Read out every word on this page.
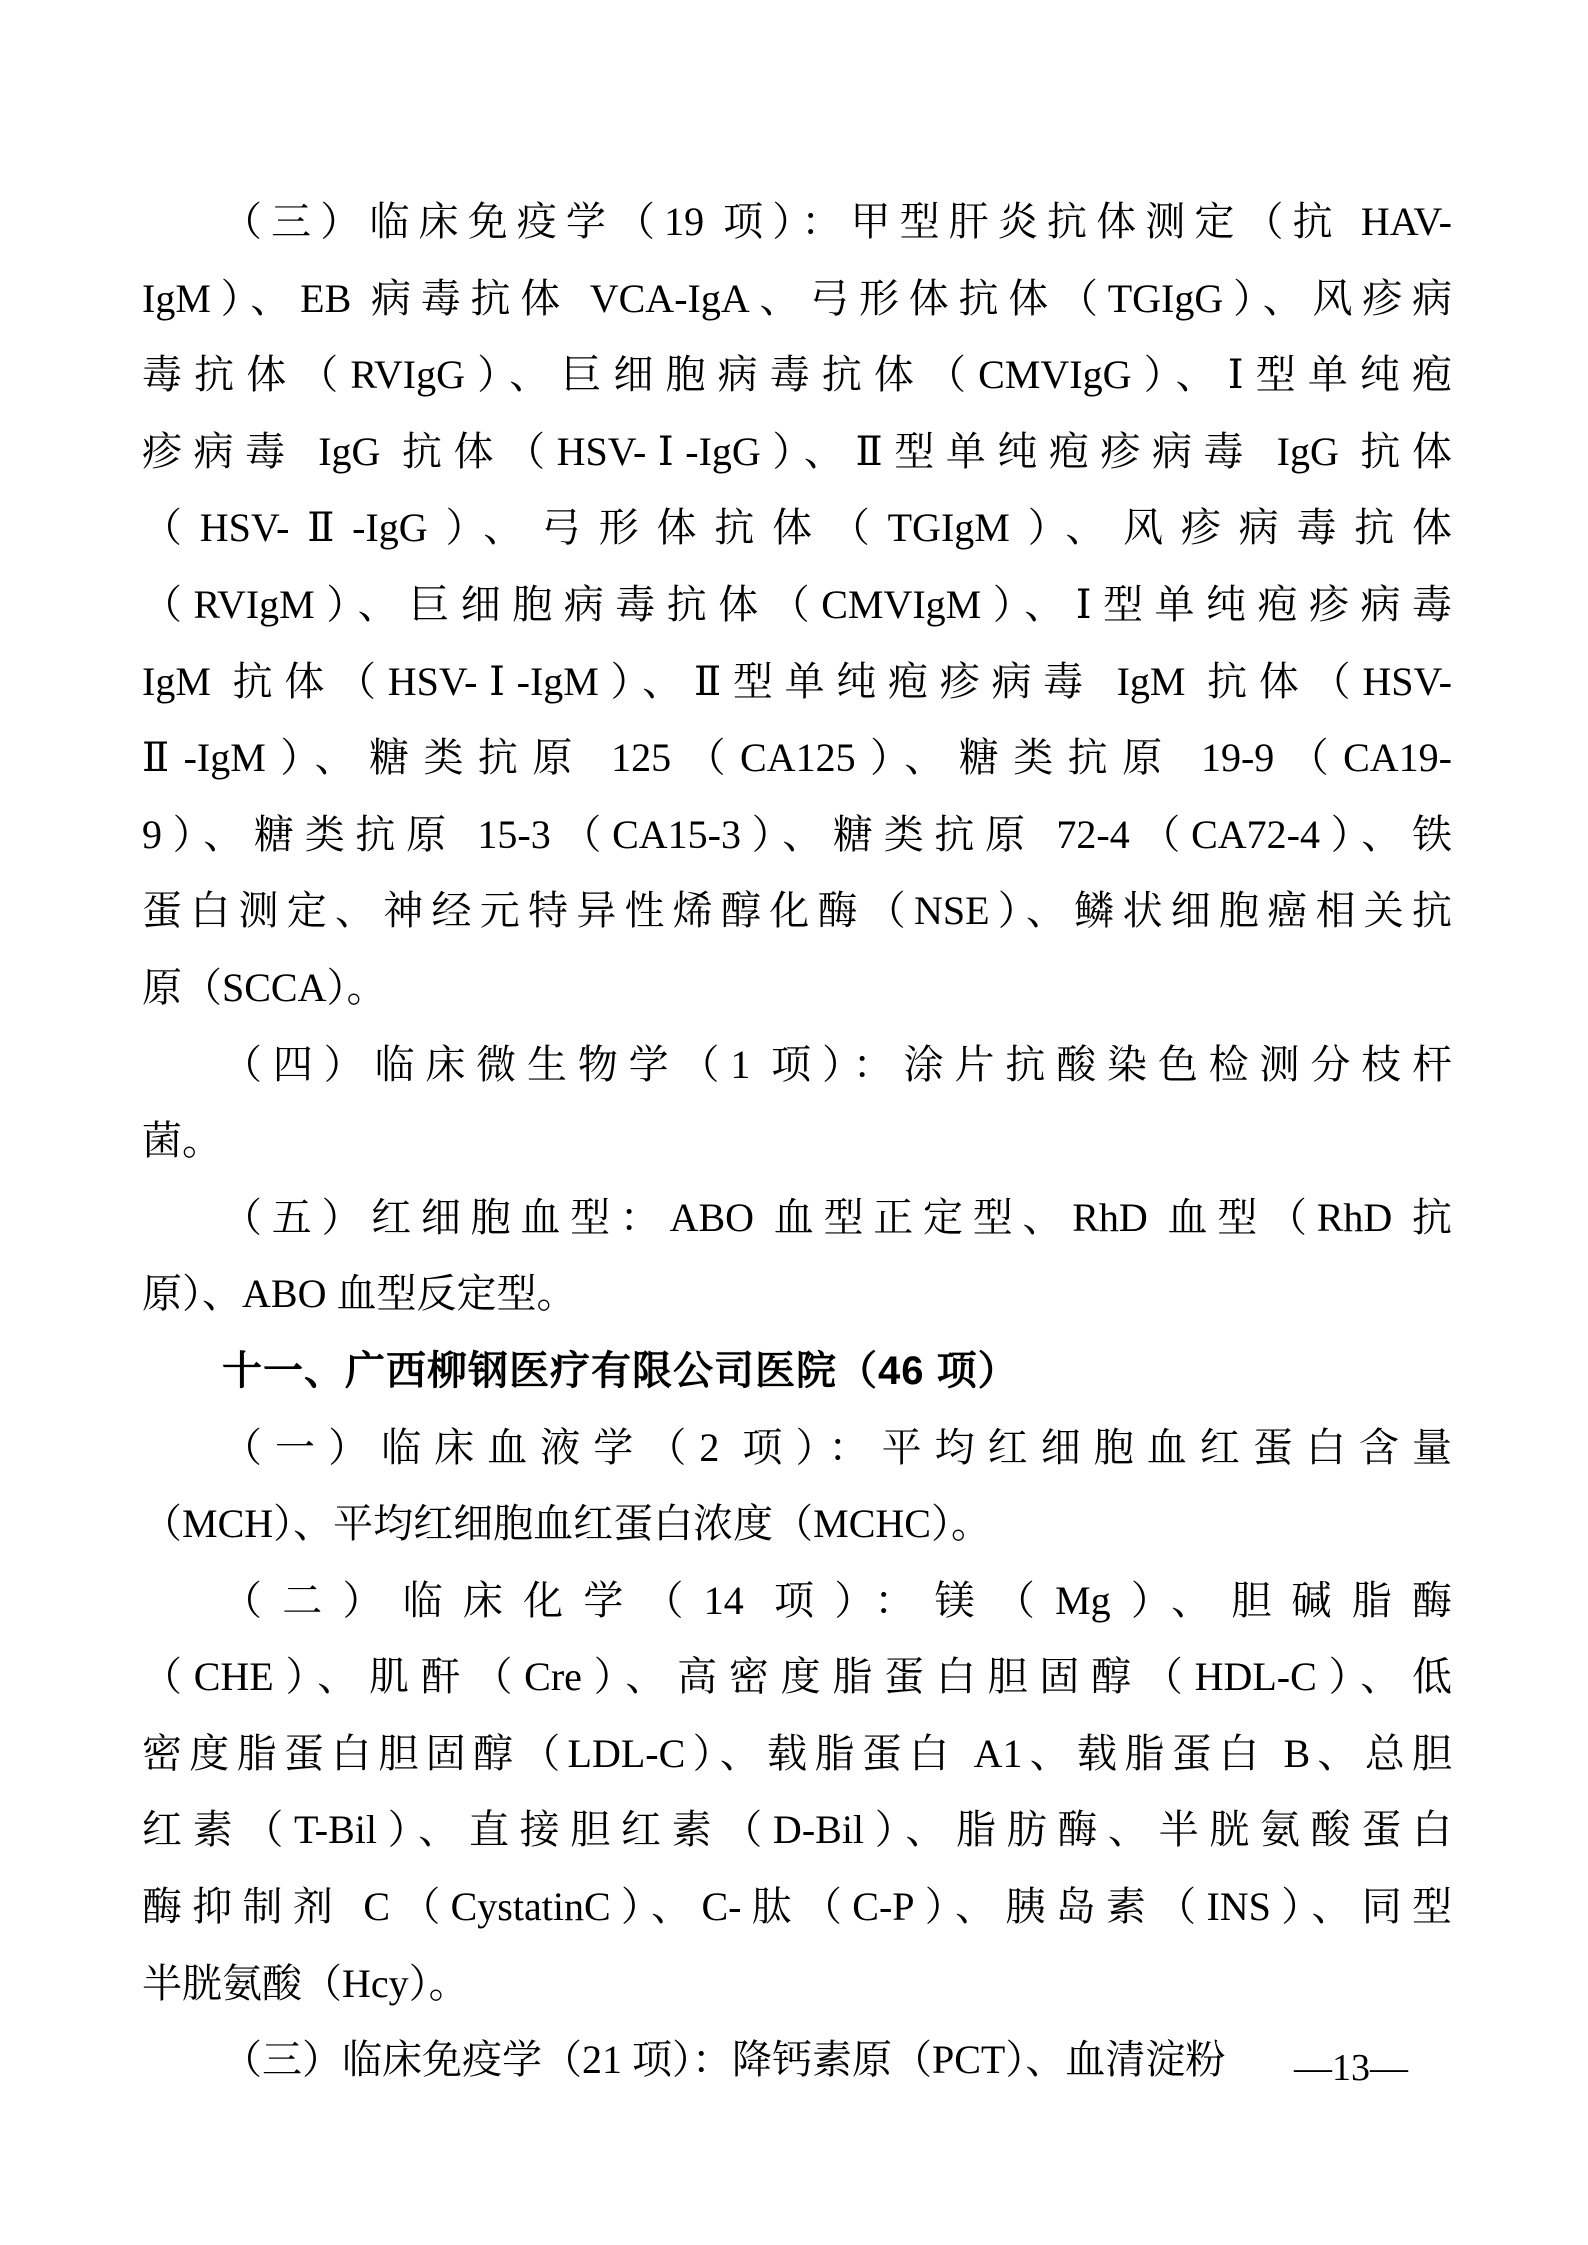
（三）临床免疫学（19 项）：甲型肝炎抗体测定（抗 HAV-
IgM）、EB 病毒抗体 VCA-IgA、弓形体抗体（TGIgG）、风疹病
毒抗体（RVIgG）、巨细胞病毒抗体（CMVIgG）、Ⅰ型单纯疱
疹病毒 IgG 抗体（HSV-Ⅰ-IgG）、Ⅱ型单纯疱疹病毒 IgG 抗体
（HSV-Ⅱ-IgG）、弓形体抗体（TGIgM）、风疹病毒抗体
（RVIgM）、巨细胞病毒抗体（CMVIgM）、Ⅰ型单纯疱疹病毒
IgM 抗体（HSV-Ⅰ-IgM）、Ⅱ型单纯疱疹病毒 IgM 抗体（HSV-
Ⅱ-IgM）、糖类抗原 125（CA125）、糖类抗原 19-9（CA19-
9）、糖类抗原 15-3（CA15-3）、糖类抗原 72-4（CA72-4）、铁
蛋白测定、神经元特异性烯醇化酶（NSE）、鳞状细胞癌相关抗
原（SCCA）。
（四）临床微生物学（1 项）：涂片抗酸染色检测分枝杆
菌。
（五）红细胞血型：ABO 血型正定型、RhD 血型（RhD 抗
原）、ABO 血型反定型。
十一、广西柳钢医疗有限公司医院（46 项）
（一）临床血液学（2 项）：平均红细胞血红蛋白含量
（MCH）、平均红细胞血红蛋白浓度（MCHC）。
（二）临床化学（14 项）：镁（Mg）、胆碱脂酶
（CHE）、肌酐（Cre）、高密度脂蛋白胆固醇（HDL-C）、低
密度脂蛋白胆固醇（LDL-C）、载脂蛋白 A1、载脂蛋白 B、总胆
红素（T-Bil）、直接胆红素（D-Bil）、脂肪酶、半胱氨酸蛋白
酶抑制剂 C（CystatinC）、C-肽（C-P）、胰岛素（INS）、同型
半胱氨酸（Hcy）。
（三）临床免疫学（21 项）：降钙素原（PCT）、血清淀粉	—13—
